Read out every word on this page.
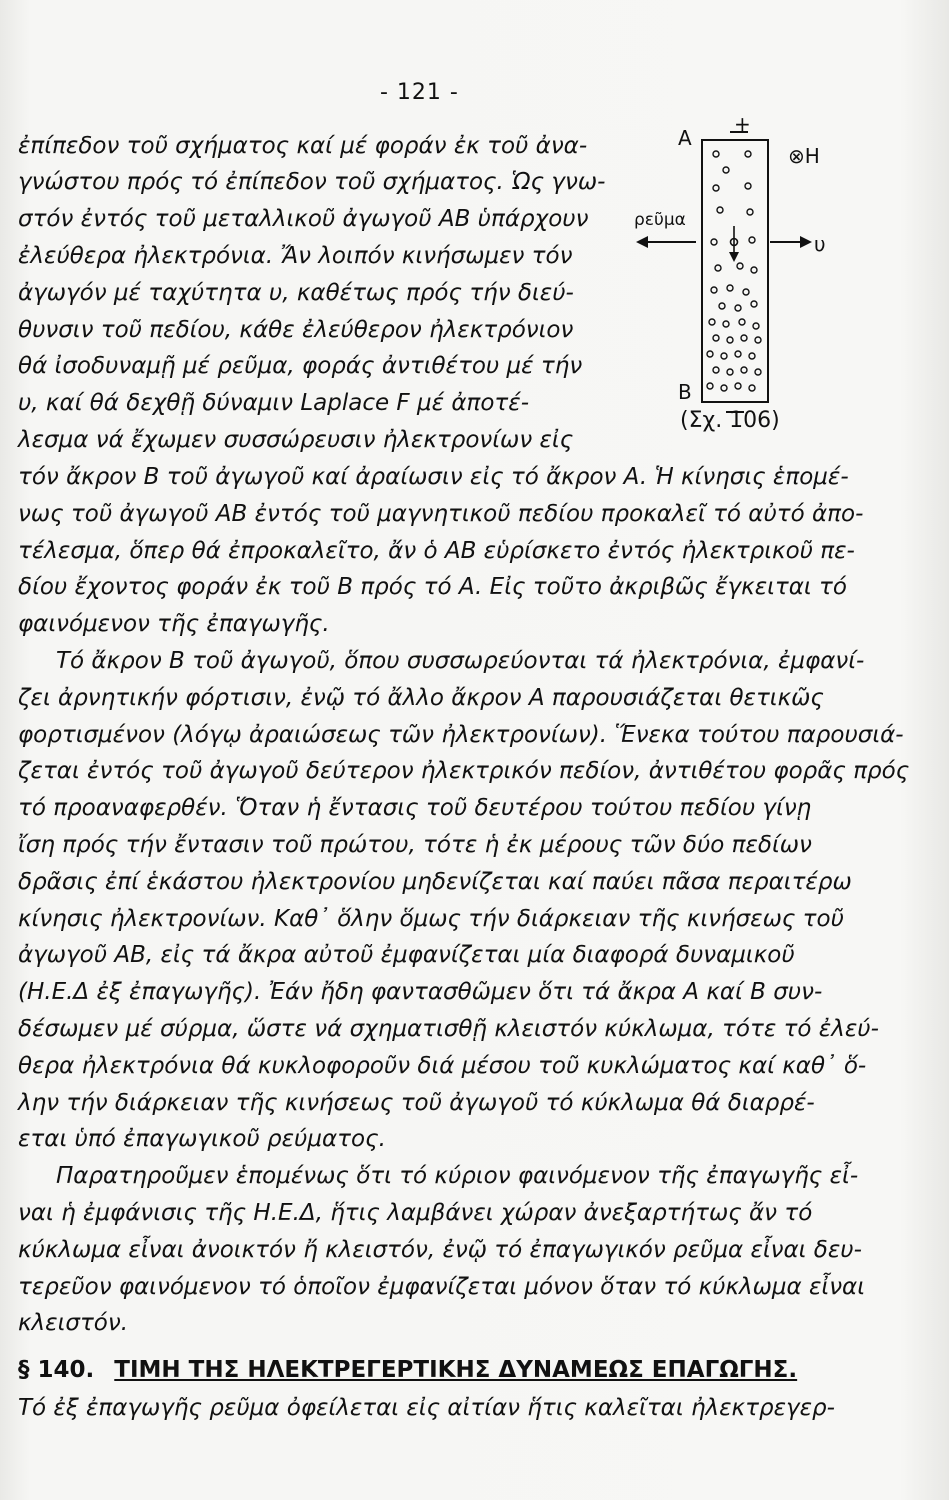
- 121 -
A
+
⊗H
ρεῦμα
υ
B
(Σχ. 106)
ἐπίπεδον τοῦ σχήματος καί μέ φοράν ἐκ τοῦ ἀνα-
γνώστου πρός τό ἐπίπεδον τοῦ σχήματος. Ὡς γνω-
στόν ἐντός τοῦ μεταλλικοῦ ἀγωγοῦ AB ὑπάρχουν
ἐλεύθερα ἠλεκτρόνια. Ἄν λοιπόν κινήσωμεν τόν
ἀγωγόν μέ ταχύτητα υ, καθέτως πρός τήν διεύ-
θυνσιν τοῦ πεδίου, κάθε ἐλεύθερον ἠλεκτρόνιον
θά ἰσοδυναμῇ μέ ρεῦμα, φοράς ἀντιθέτου μέ τήν
υ, καί θά δεχθῇ δύναμιν Laplace F μέ ἀποτέ-
λεσμα νά ἔχωμεν συσσώρευσιν ἠλεκτρονίων εἰς
τόν ἄκρον B τοῦ ἀγωγοῦ καί ἀραίωσιν εἰς τό ἄκρον A. Ἡ κίνησις ἑπομέ-
νως τοῦ ἀγωγοῦ AB ἐντός τοῦ μαγνητικοῦ πεδίου προκαλεῖ τό αὐτό ἀπο-
τέλεσμα, ὅπερ θά ἐπροκαλεῖτο, ἄν ὁ AB εὑρίσκετο ἐντός ἠλεκτρικοῦ πε-
δίου ἔχοντος φοράν ἐκ τοῦ B πρός τό A. Εἰς τοῦτο ἀκριβῶς ἔγκειται τό
φαινόμενον τῆς ἐπαγωγῆς.
Τό ἄκρον B τοῦ ἀγωγοῦ, ὅπου συσσωρεύονται τά ἠλεκτρόνια, ἐμφανί-
ζει ἀρνητικήν φόρτισιν, ἐνῷ τό ἄλλο ἄκρον A παρουσιάζεται θετικῶς
φορτισμένον (λόγῳ ἀραιώσεως τῶν ἠλεκτρονίων). Ἕνεκα τούτου παρουσιά-
ζεται ἐντός τοῦ ἀγωγοῦ δεύτερον ἠλεκτρικόν πεδίον, ἀντιθέτου φορᾶς πρός
τό προαναφερθέν. Ὅταν ἡ ἔντασις τοῦ δευτέρου τούτου πεδίου γίνῃ
ἴση πρός τήν ἔντασιν τοῦ πρώτου, τότε ἡ ἐκ μέρους τῶν δύο πεδίων
δρᾶσις ἐπί ἑκάστου ἠλεκτρονίου μηδενίζεται καί παύει πᾶσα περαιτέρω
κίνησις ἠλεκτρονίων. Καθ᾽ ὅλην ὅμως τήν διάρκειαν τῆς κινήσεως τοῦ
ἀγωγοῦ AB, εἰς τά ἄκρα αὐτοῦ ἐμφανίζεται μία διαφορά δυναμικοῦ
(Η.Ε.Δ ἐξ ἐπαγωγῆς). Ἐάν ἤδη φαντασθῶμεν ὅτι τά ἄκρα A καί B συν-
δέσωμεν μέ σύρμα, ὥστε νά σχηματισθῇ κλειστόν κύκλωμα, τότε τό ἐλεύ-
θερα ἠλεκτρόνια θά κυκλοφοροῦν διά μέσου τοῦ κυκλώματος καί καθ᾽ ὅ-
λην τήν διάρκειαν τῆς κινήσεως τοῦ ἀγωγοῦ τό κύκλωμα θά διαρρέ-
εται ὑπό ἐπαγωγικοῦ ρεύματος.
Παρατηροῦμεν ἑπομένως ὅτι τό κύριον φαινόμενον τῆς ἐπαγωγῆς εἶ-
ναι ἡ ἐμφάνισις τῆς Η.Ε.Δ, ἥτις λαμβάνει χώραν ἀνεξαρτήτως ἄν τό
κύκλωμα εἶναι ἀνοικτόν ἤ κλειστόν, ἐνῷ τό ἐπαγωγικόν ρεῦμα εἶναι δευ-
τερεῦον φαινόμενον τό ὁποῖον ἐμφανίζεται μόνον ὅταν τό κύκλωμα εἶναι
κλειστόν.
§ 140. ΤΙΜΗ ΤΗΣ ΗΛΕΚΤΡΕΓΕΡΤΙΚΗΣ ΔΥΝΑΜΕΩΣ ΕΠΑΓΩΓΗΣ.
Τό ἐξ ἐπαγωγῆς ρεῦμα ὀφείλεται εἰς αἰτίαν ἥτις καλεῖται ἠλεκτρεγερ-
